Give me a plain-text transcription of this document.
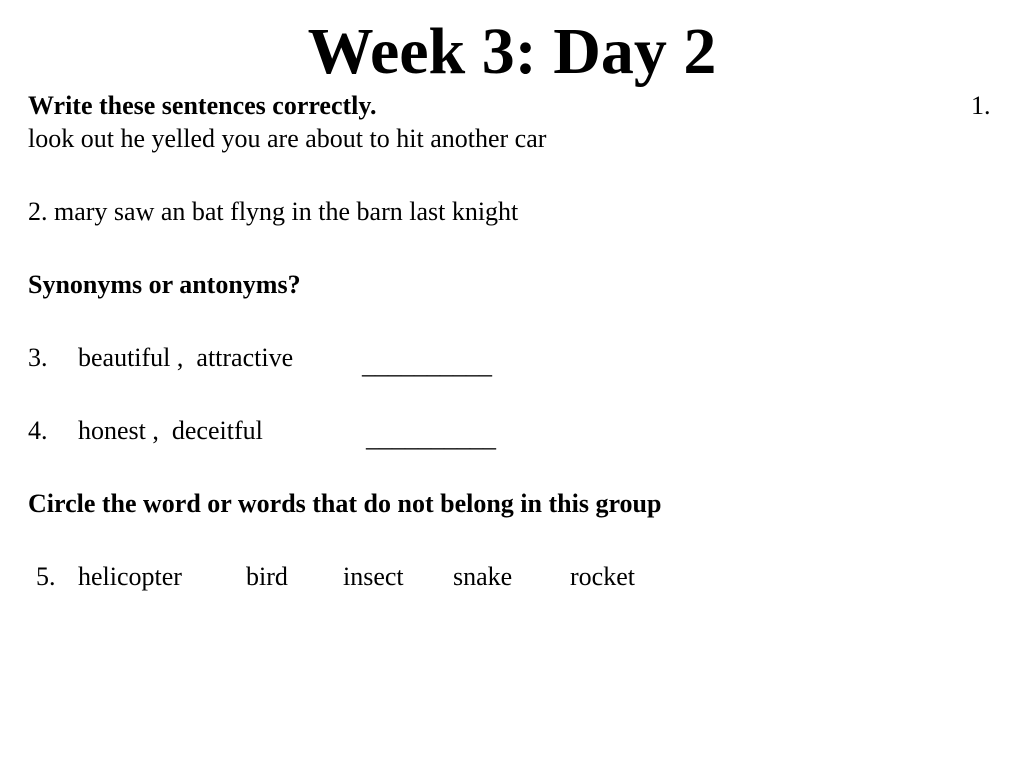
Week 3: Day 2
Write these sentences correctly.	1.
look out he yelled you are about to hit another car
2. mary saw an bat flyng in the barn last knight
Synonyms or antonyms?
3. beautiful ,  attractive	__________
4. honest ,  deceitful	__________
Circle the word or words that do not belong in this group
5. helicopter bird insect snake rocket
